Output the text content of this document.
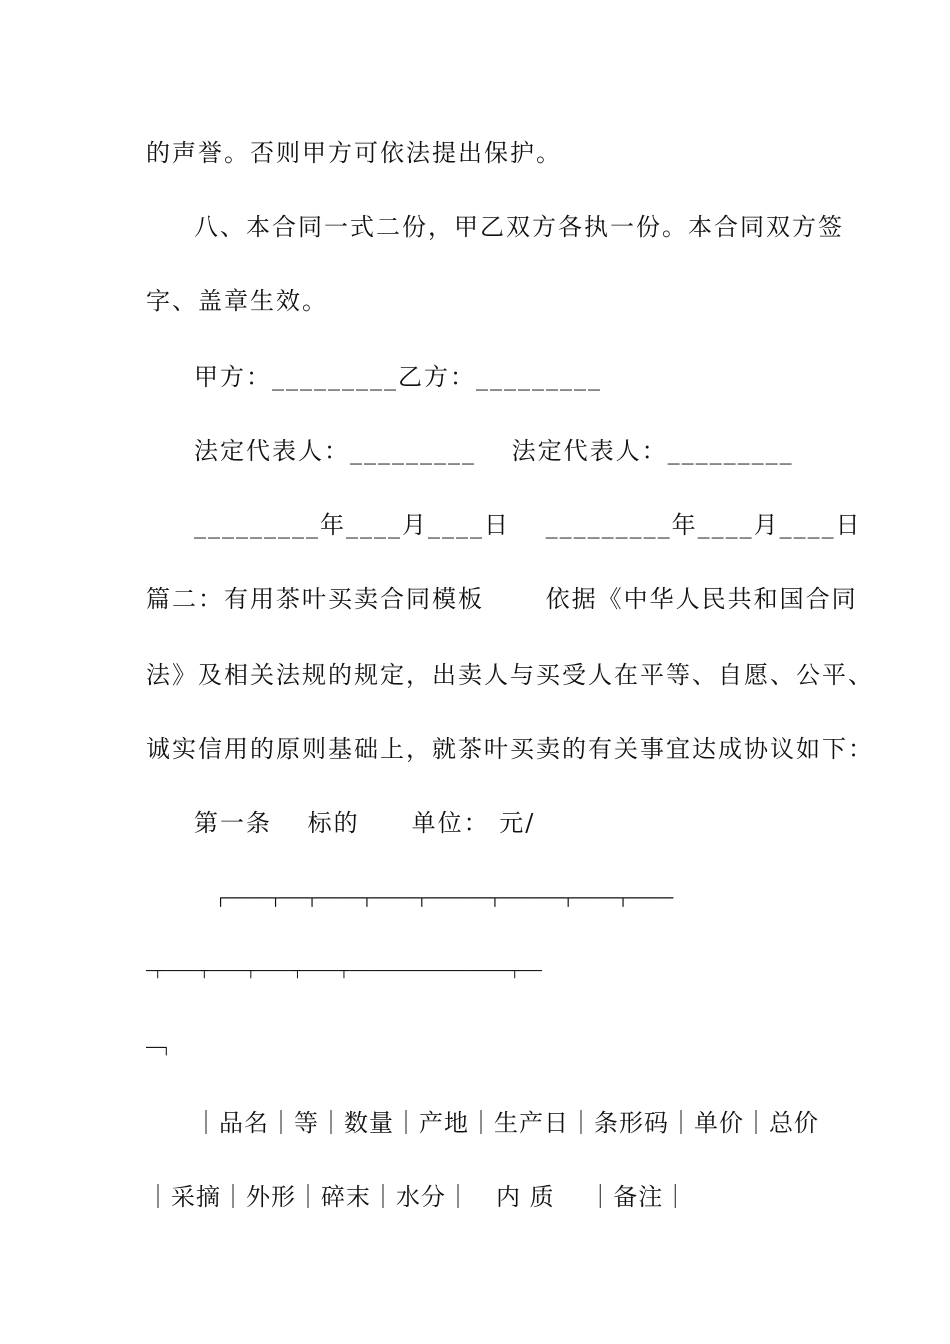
的声誉。否则甲方可依法提出保护。

八、本合同一式二份，甲乙双方各执一份。本合同双方签

字、盖章生效。

甲方：_________乙方：_________

法定代表人：_________　 法定代表人：_________

_________年____月____日　 _________年____月____日

篇二：有用茶叶买卖合同模板　　 依据《中华人民共和国合同

法》及相关法规的规定，出卖人与买受人在平等、自愿、公平、

诚实信用的原则基础上，就茶叶买卖的有关事宜达成协议如下：

第一条　 标的　　单位： 元/

┌─────┬───┬─────┬─────┬───────┬───────┬─────┬─────

─┬─────┬─────┬─────┬─────┬─────────────────────┬───

──┐

｜品名｜等｜数量｜产地｜生产日｜条形码｜单价｜总价

｜采摘｜外形｜碎末｜水分｜　内 质　 ｜备注｜
